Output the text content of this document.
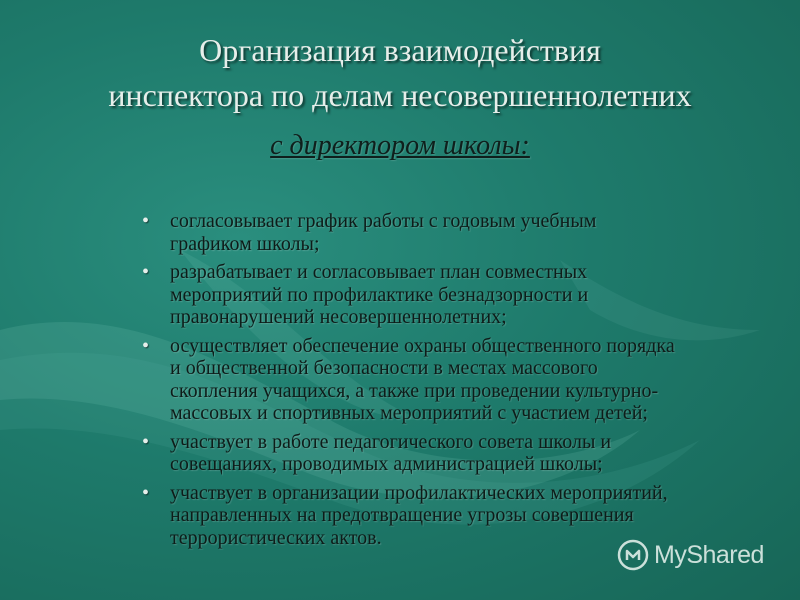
Организация взаимодействия
инспектора по делам несовершеннолетних
с директором школы:
• согласовывает график работы с годовым учебным графиком школы;
• разрабатывает и согласовывает план совместных мероприятий по профилактике безнадзорности и правонарушений несовершеннолетних;
• осуществляет обеспечение охраны общественного порядка и общественной безопасности в местах массового скопления учащихся, а также при проведении культурно-массовых и спортивных мероприятий с участием детей;
• участвует в работе педагогического совета школы и совещаниях, проводимых администрацией школы;
• участвует в организации профилактических мероприятий, направленных на предотвращение угрозы совершения террористических актов.
MyShared
